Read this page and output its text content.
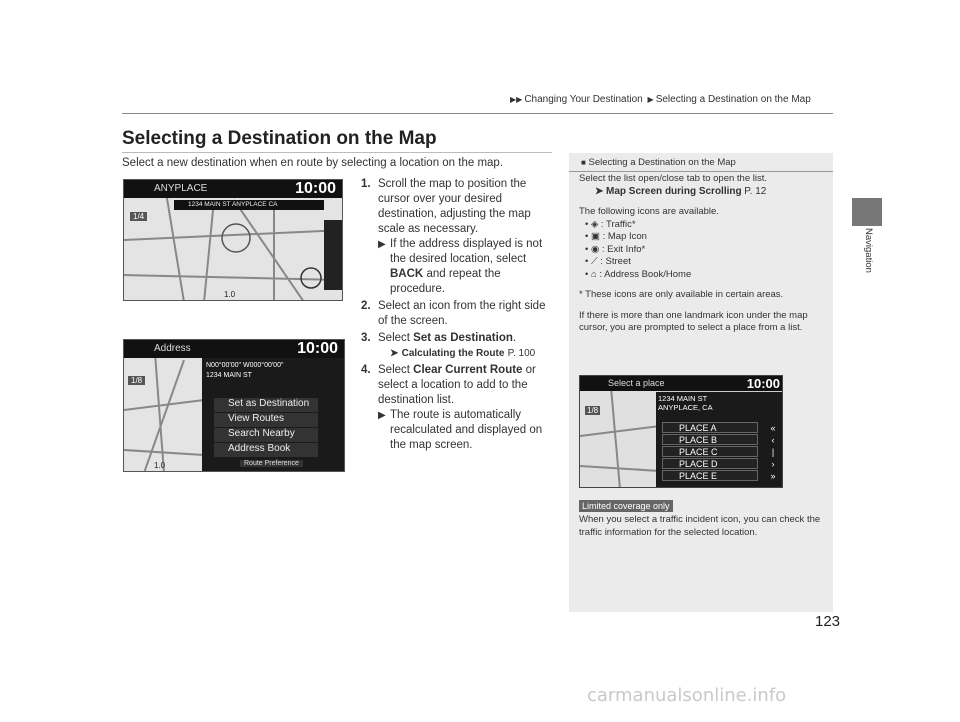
▶▶ Changing Your Destination ▶ Selecting a Destination on the Map
Navigation
123
Selecting a Destination on the Map
Select a new destination when en route by selecting a location on the map.
ANYPLACE	10:00
1234 MAIN ST ANYPLACE CA
1/4
1.0
Address	10:00
1/8
N00°00'00" W000°00'00"
1234 MAIN ST
Set as Destination
View Routes
Search Nearby
Address Book
Route Preference
1.0
1. Scroll the map to position the cursor over your desired destination, adjusting the map scale as necessary.
▶ If the address displayed is not the desired location, select BACK and repeat the procedure.
2. Select an icon from the right side of the screen.
3. Select Set as Destination.
➤ Calculating the Route P. 100
4. Select Clear Current Route or select a location to add to the destination list.
▶ The route is automatically recalculated and displayed on the map screen.
■ Selecting a Destination on the Map

Select the list open/close tab to open the list.
➤ Map Screen during Scrolling P. 12

The following icons are available.
• ◈ : Traffic*
• ▣ : Map Icon
• ◉ : Exit Info*
• ⟋ : Street
• ⌂ : Address Book/Home

* These icons are only available in certain areas.

If there is more than one landmark icon under the map cursor, you are prompted to select a place from a list.

Select a place	10:00
1/8
1234 MAIN ST
ANYPLACE, CA
PLACE A
PLACE B
PLACE C
PLACE D
PLACE E
«
‹
|
›
»
Limited coverage only
When you select a traffic incident icon, you can check the traffic information for the selected location.
carmanualsonline.info
